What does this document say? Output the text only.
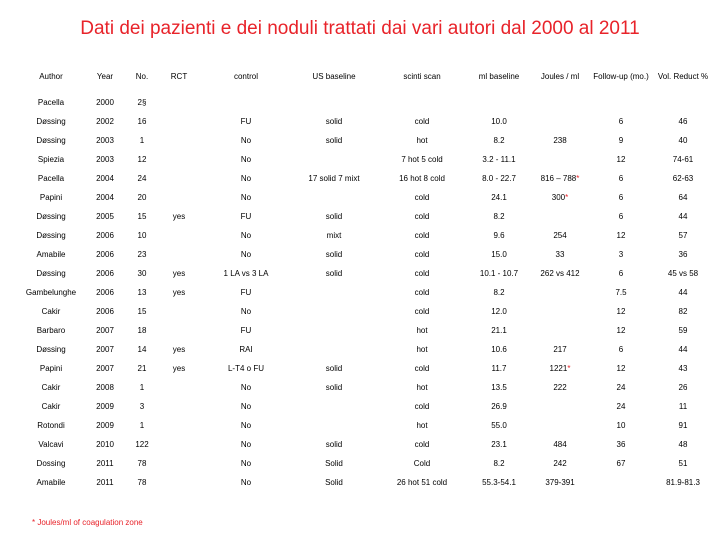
Dati dei pazienti e dei noduli trattati dai vari autori dal 2000 al 2011
Author	Year	No.	RCT	control	US baseline	scinti scan	ml baseline	Joules / ml	Follow-up (mo.)	Vol. Reduct %
Pacella	2000	2§								
Døssing	2002	16		FU	solid	cold	10.0		6	46
Døssing	2003	1		No	solid	hot	8.2	238	9	40
Spiezia	2003	12		No		7 hot 5 cold	3.2 - 11.1		12	74-61
Pacella	2004	24		No	17 solid 7 mixt	16 hot 8 cold	8.0 - 22.7	816 – 788*	6	62-63
Papini	2004	20		No		cold	24.1	300*	6	64
Døssing	2005	15	yes	FU	solid	cold	8.2		6	44
Døssing	2006	10		No	mixt	cold	9.6	254	12	57
Amabile	2006	23		No	solid	cold	15.0	33	3	36
Døssing	2006	30	yes	1 LA vs 3 LA	solid	cold	10.1 - 10.7	262 vs 412	6	45 vs 58
Gambelunghe	2006	13	yes	FU		cold	8.2		7.5	44
Cakir	2006	15		No		cold	12.0		12	82
Barbaro	2007	18		FU		hot	21.1		12	59
Døssing	2007	14	yes	RAI		hot	10.6	217	6	44
Papini	2007	21	yes	L-T4 o FU	solid	cold	11.7	1221*	12	43
Cakir	2008	1		No	solid	hot	13.5	222	24	26
Cakir	2009	3		No		cold	26.9		24	11
Rotondi	2009	1		No		hot	55.0		10	91
Valcavi	2010	122		No	solid	cold	23.1	484	36	48
Dossing	2011	78		No	Solid	Cold	8.2	242	67	51
Amabile	2011	78		No	Solid	26 hot 51 cold	55.3-54.1	379-391		81.9-81.3
* Joules/ml of coagulation zone
